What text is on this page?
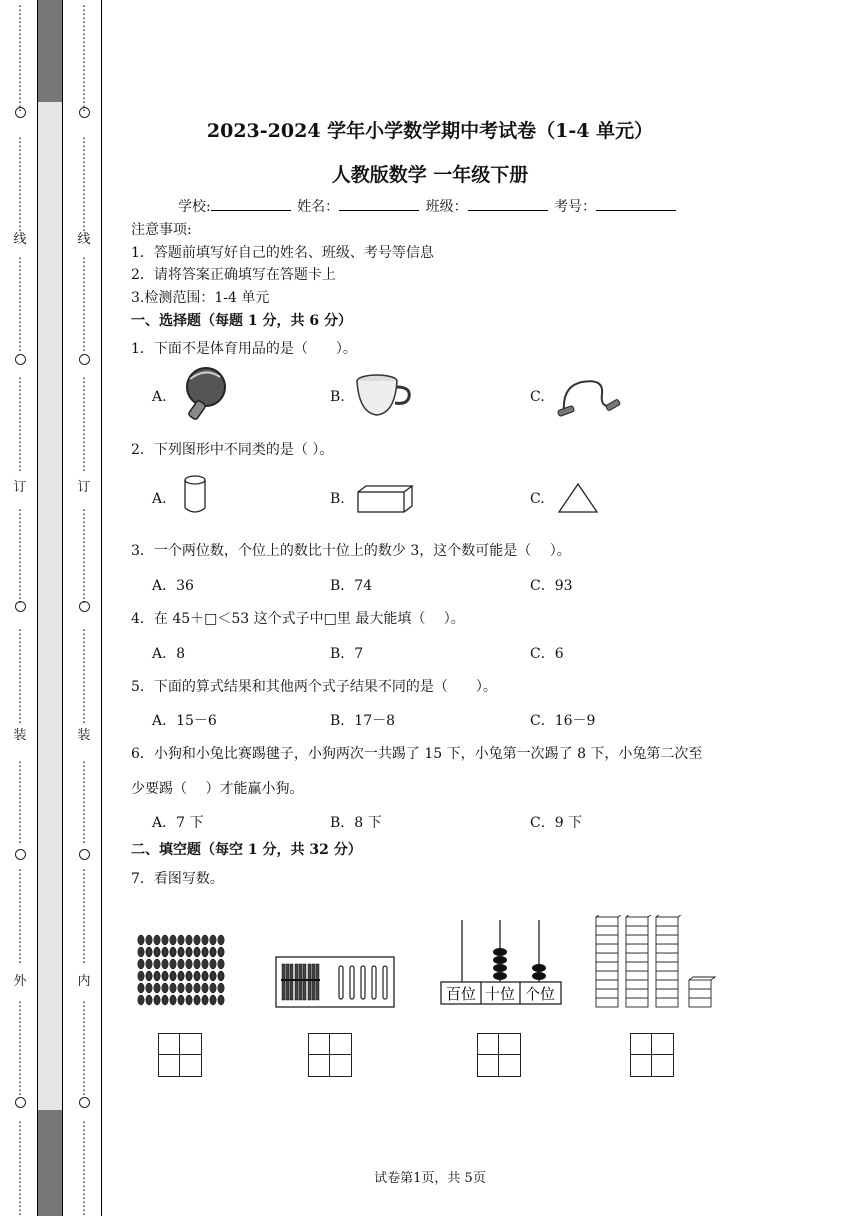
⋮
⋮
⋮
⋮
⋮
⋮
⋮
⋮
⋮
⋮
⋮
⋮
⋮
⋮
⋮
⋮
⋮
⋮
⋮
⋮
⋮
⋮
⋮
⋮
⋮
⋮
⋮
⋮
⋮
⋮
⋮
⋮
⋮
⋮
⋮
⋮
⋮
⋮
⋮
⋮
⋮
⋮
⋮
⋮
⋮
⋮
⋮
⋮
⋮
⋮
⋮
⋮
⋮
⋮
⋮
⋮
⋮
⋮
⋮
⋮
⋮
⋮
⋮
⋮
⋮
⋮
⋮
⋮
⋮
⋮
⋮
⋮
⋮
⋮
⋮
⋮
⋮
⋮
⋮
⋮
⋮
⋮
⋮
⋮
⋮
⋮
⋮
⋮
⋮
⋮
⋮
⋮
⋮
⋮
⋮
⋮
⋮
⋮
⋮
⋮
⋮
⋮
⋮
⋮
⋮
⋮
⋮
⋮
⋮
⋮
⋮
⋮
⋮
⋮
⋮
⋮
⋮
⋮
⋮
⋮
⋮
⋮
⋮
⋮
⋮
⋮
⋮
⋮
⋮
⋮
⋮
⋮
⋮
⋮
⋮
⋮
⋮
⋮
⋮
⋮
⋮
⋮
⋮
⋮
⋮
⋮
⋮
⋮
⋮
⋮
⋮
⋮
⋮
⋮
⋮
⋮
⋮
⋮
⋮
⋮
线
订
装
外
线
订
装
内
2023-2024 学年小学数学期中考试卷（1-4 单元）
人教版数学 一年级下册
学校:	姓名：	班级：	考号：
注意事项:
1．答题前填写好自己的姓名、班级、考号等信息
2．请将答案正确填写在答题卡上
3.检测范围：1-4 单元
一、选择题（每题 1 分，共 6 分）
1．下面不是体育用品的是（　　）。
A.	B.	C.
2．下列图形中不同类的是（ ）。
A.	B.	C.
3．一个两位数，个位上的数比十位上的数少 3，这个数可能是（　 ）。
A．36	B．74	C．93
4．在 45＋□＜53 这个式子中□里 最大能填（　 ）。
A．8	B．7	C．6
5．下面的算式结果和其他两个式子结果不同的是（　　）。
A．15－6	B．17－8	C．16－9
6．小狗和小兔比赛踢毽子，小狗两次一共踢了 15 下，小兔第一次踢了 8 下，小兔第二次至
少要踢（　 ）才能赢小狗。
A．7 下	B．8 下	C．9 下
二、填空题（每空 1 分，共 32 分）
7．看图写数。
百位 十位 个位
试卷第1页，共 5页
